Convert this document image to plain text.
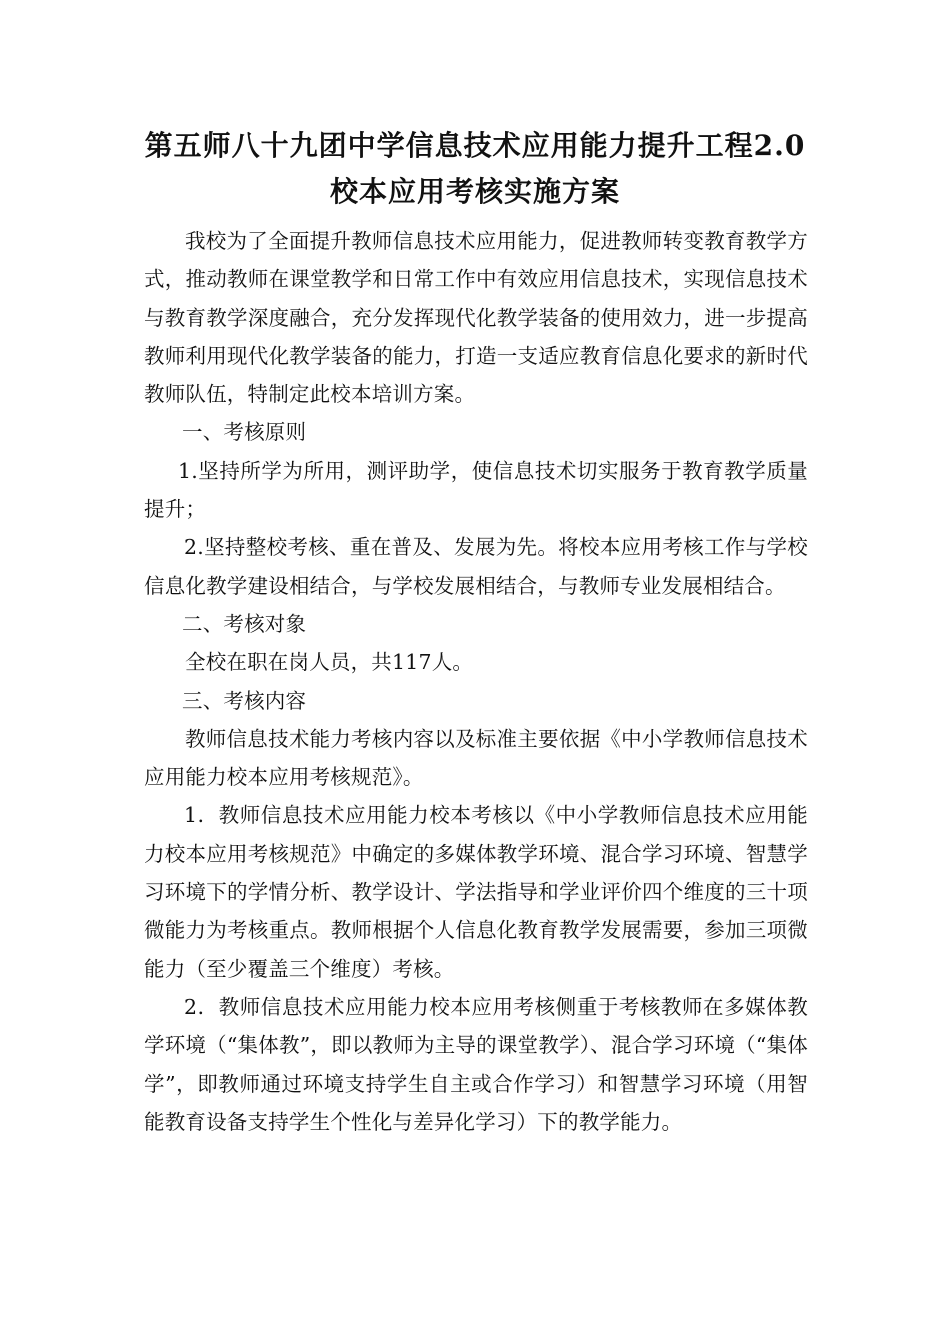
第五师八十九团中学信息技术应用能力提升工程2.0
校本应用考核实施方案

我校为了全面提升教师信息技术应用能力，促进教师转变教育教学方式，推动教师在课堂教学和日常工作中有效应用信息技术，实现信息技术与教育教学深度融合，充分发挥现代化教学装备的使用效力，进一步提高教师利用现代化教学装备的能力，打造一支适应教育信息化要求的新时代教师队伍，特制定此校本培训方案。

一、考核原则

1.坚持所学为所用，测评助学，使信息技术切实服务于教育教学质量提升；

2.坚持整校考核、重在普及、发展为先。将校本应用考核工作与学校信息化教学建设相结合，与学校发展相结合，与教师专业发展相结合。

二、考核对象

全校在职在岗人员，共117人。

三、考核内容

教师信息技术能力考核内容以及标准主要依据《中小学教师信息技术应用能力校本应用考核规范》。

1．教师信息技术应用能力校本考核以《中小学教师信息技术应用能力校本应用考核规范》中确定的多媒体教学环境、混合学习环境、智慧学习环境下的学情分析、教学设计、学法指导和学业评价四个维度的三十项微能力为考核重点。教师根据个人信息化教育教学发展需要，参加三项微能力（至少覆盖三个维度）考核。

2．教师信息技术应用能力校本应用考核侧重于考核教师在多媒体教学环境（“集体教”，即以教师为主导的课堂教学）、混合学习环境（“集体学”，即教师通过环境支持学生自主或合作学习）和智慧学习环境（用智能教育设备支持学生个性化与差异化学习）下的教学能力。
